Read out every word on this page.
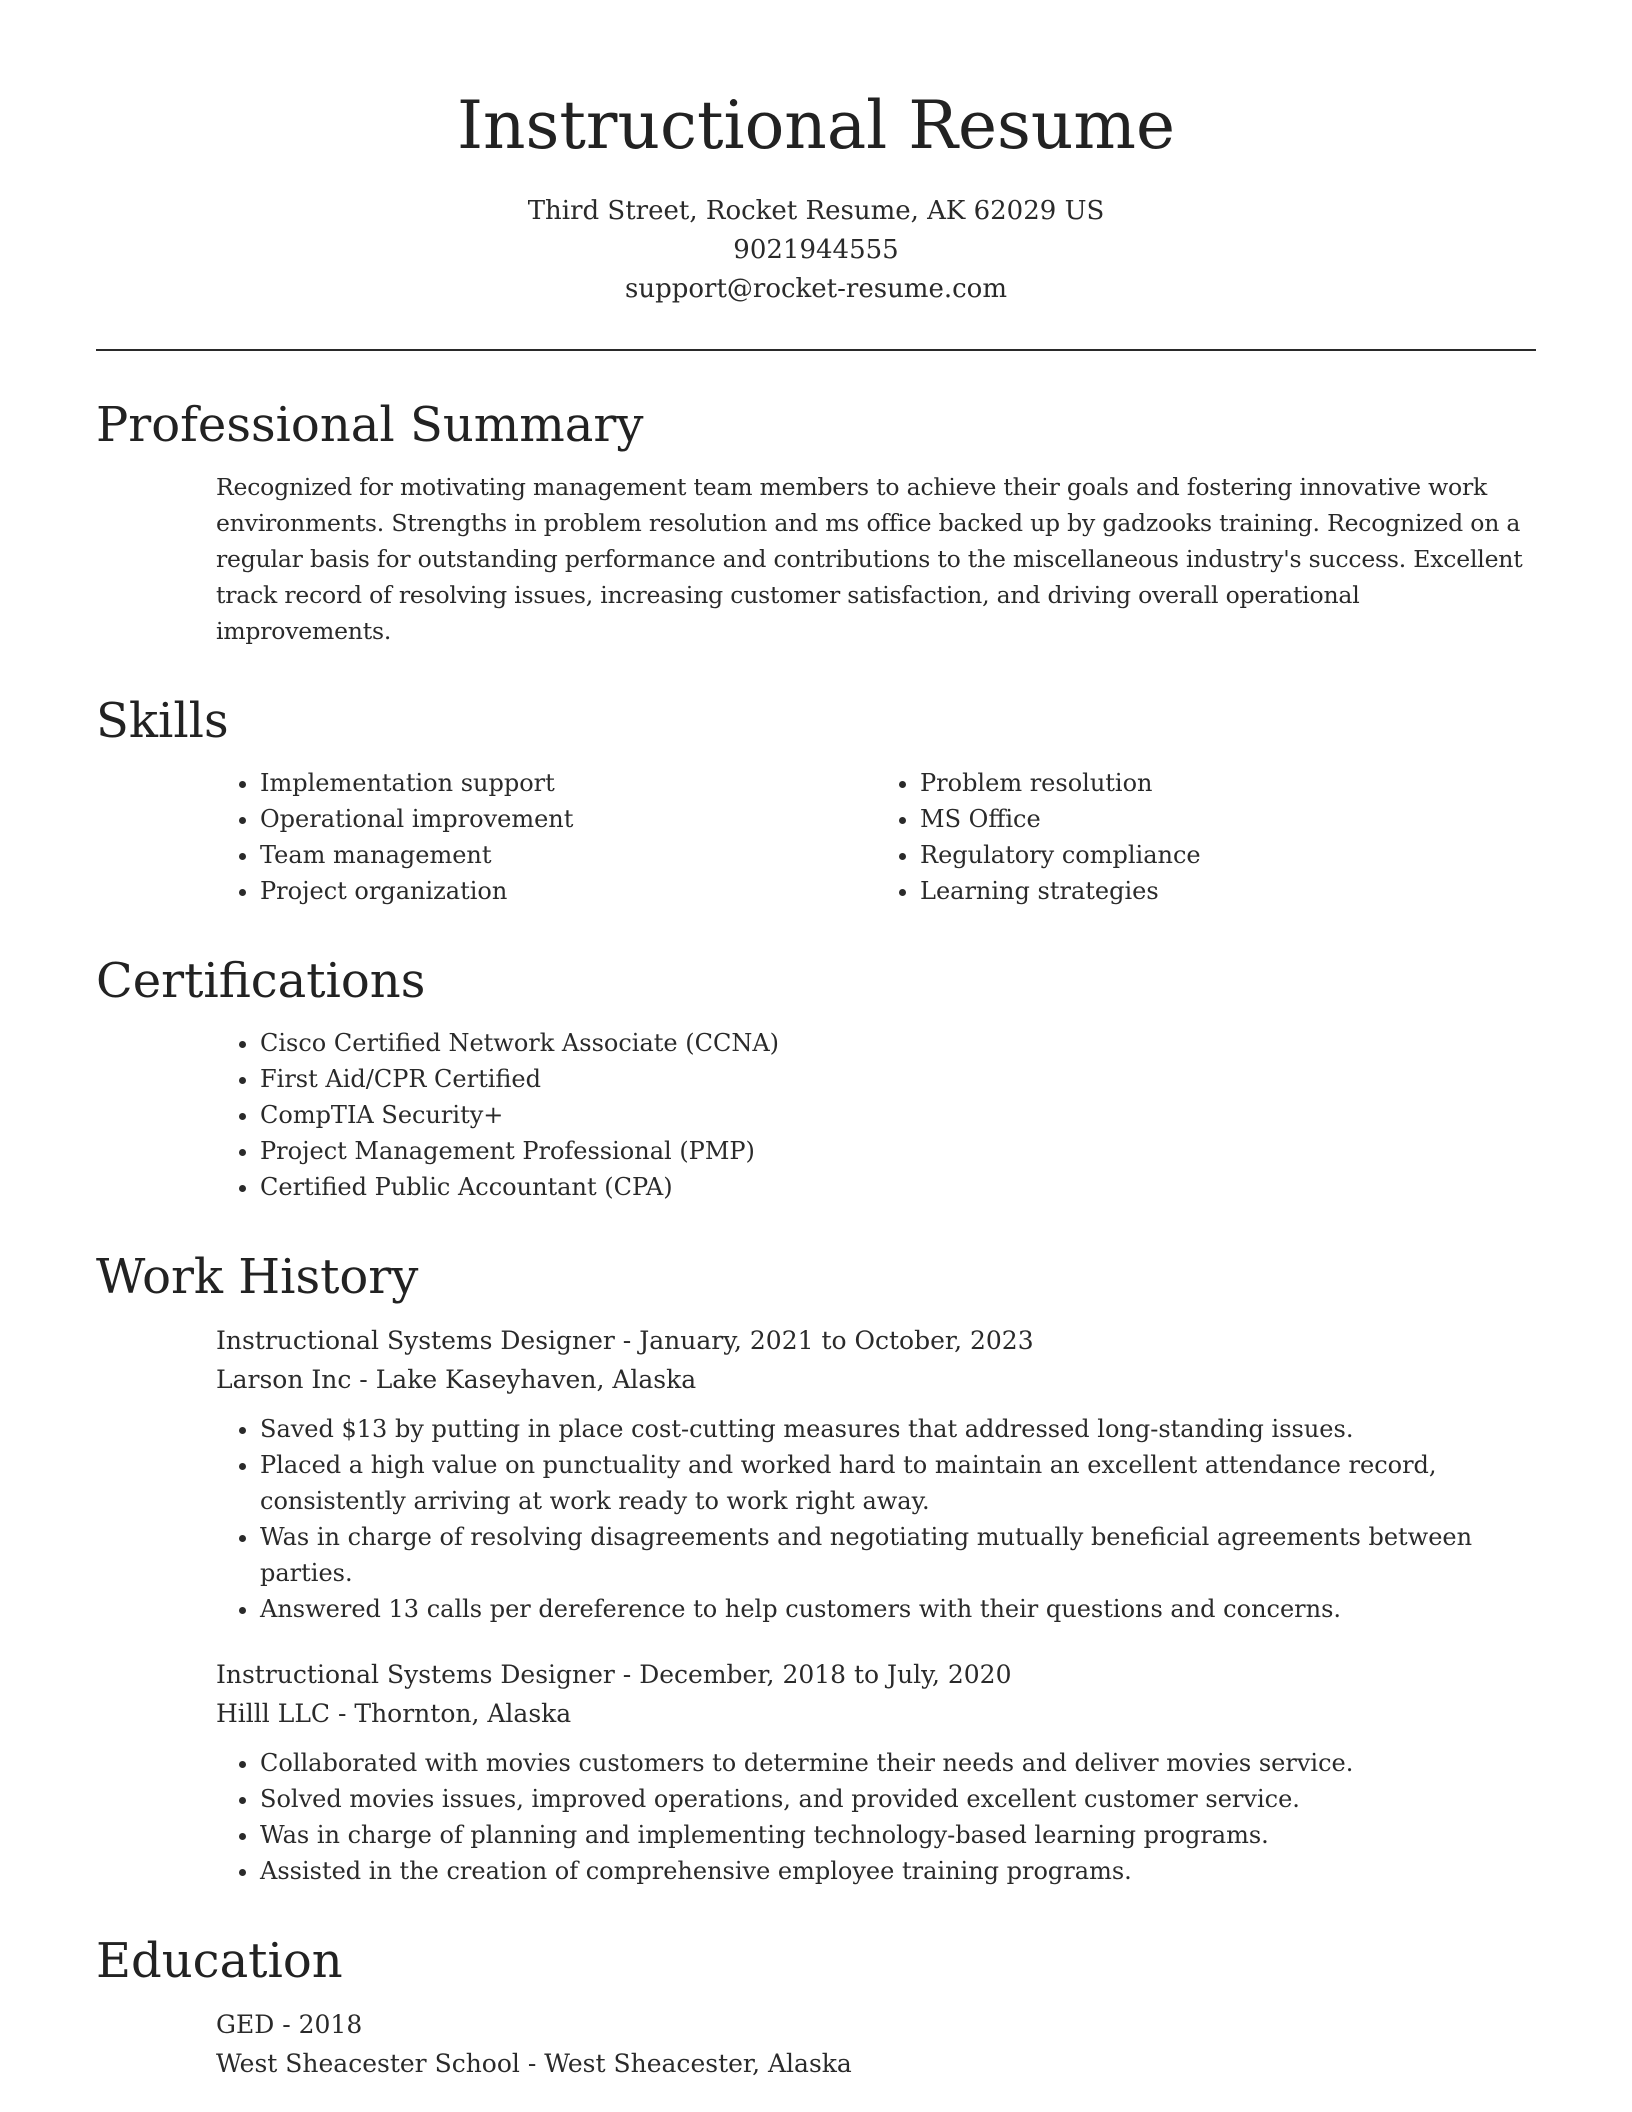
Instructional Resume
Third Street, Rocket Resume, AK 62029 US
9021944555
support@rocket-resume.com
Professional Summary

Recognized for motivating management team members to achieve their goals and fostering innovative work environments. Strengths in problem resolution and ms office backed up by gadzooks training. Recognized on a regular basis for outstanding performance and contributions to the miscellaneous industry's success. Excellent track record of resolving issues, increasing customer satisfaction, and driving overall operational improvements.

Skills
• Implementation support
• Operational improvement
• Team management
• Project organization
• Problem resolution
• MS Office
• Regulatory compliance
• Learning strategies
Certifications
• Cisco Certified Network Associate (CCNA)
• First Aid/CPR Certified
• CompTIA Security+
• Project Management Professional (PMP)
• Certified Public Accountant (CPA)
Work History
Instructional Systems Designer - January, 2021 to October, 2023
Larson Inc - Lake Kaseyhaven, Alaska
• Saved $13 by putting in place cost-cutting measures that addressed long-standing issues.
• Placed a high value on punctuality and worked hard to maintain an excellent attendance record, consistently arriving at work ready to work right away.
• Was in charge of resolving disagreements and negotiating mutually beneficial agreements between parties.
• Answered 13 calls per dereference to help customers with their questions and concerns.
Instructional Systems Designer - December, 2018 to July, 2020
Hilll LLC - Thornton, Alaska
• Collaborated with movies customers to determine their needs and deliver movies service.
• Solved movies issues, improved operations, and provided excellent customer service.
• Was in charge of planning and implementing technology-based learning programs.
• Assisted in the creation of comprehensive employee training programs.
Education
GED - 2018
West Sheacester School - West Sheacester, Alaska
